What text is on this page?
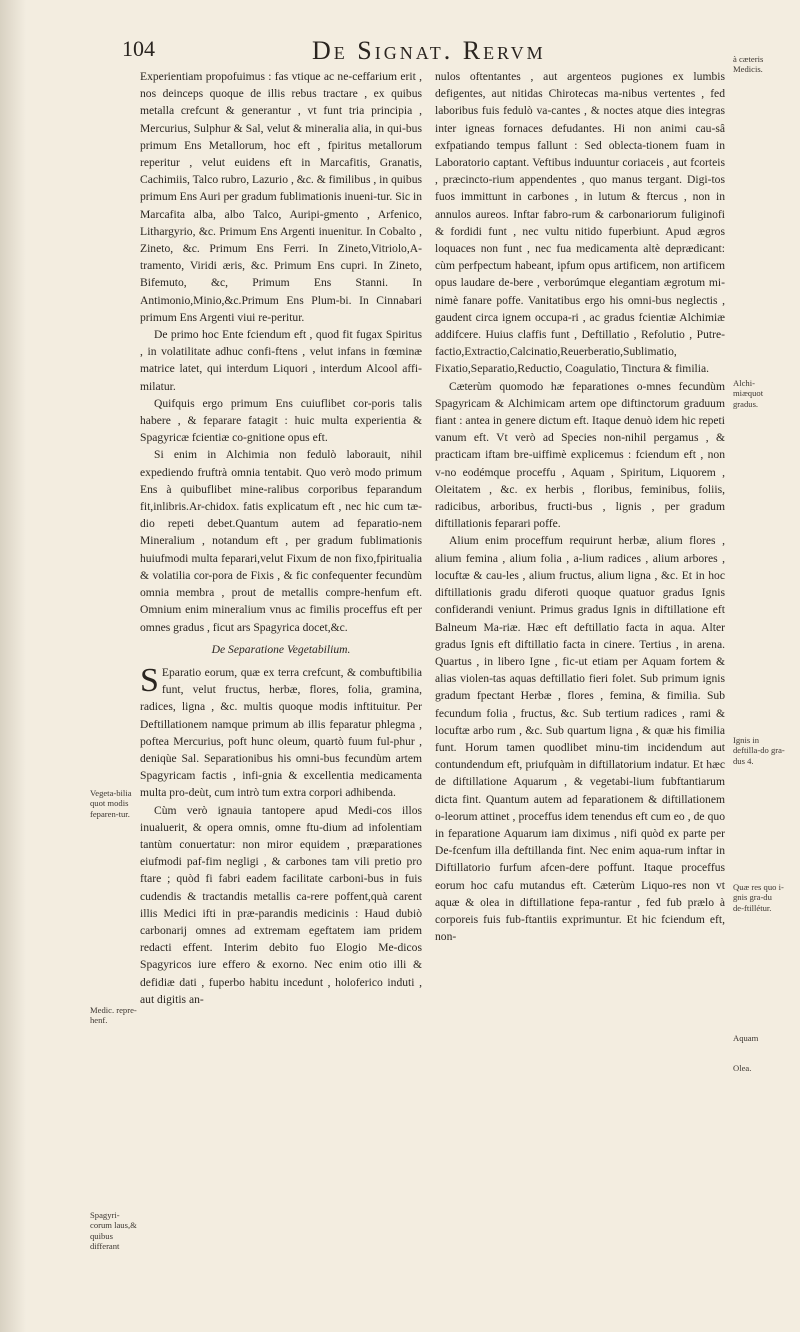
104	De Signat. Rervm

Experientiam propofuimus : fas vtique ac ne-ceffarium erit , nos deinceps quoque de illis rebus tractare , ex quibus metalla crefcunt & generantur , vt funt tria principia , Mercurius, Sulphur & Sal, velut & mineralia alia, in qui-bus primum Ens Metallorum, hoc eft , fpiritus metallorum reperitur , velut euidens eft in Marcafitis, Granatis, Cachimiis, Talco rubro, Lazurio , &c. & fimilibus , in quibus primum Ens Auri per gradum fublimationis inueni-tur. Sic in Marcafita alba, albo Talco, Auripi-gmento , Arfenico, Lithargyrio, &c. Primum Ens Argenti inuenitur. In Cobalto , Zineto, &c. Primum Ens Ferri. In Zineto,Vitriolo,A-tramento, Viridi æris, &c. Primum Ens cupri. In Zineto, Bifemuto, &c, Primum Ens Stanni. In Antimonio,Minio,&c.Primum Ens Plum-bi. In Cinnabari primum Ens Argenti viui re-peritur.

De primo hoc Ente fciendum eft , quod fit fugax Spiritus , in volatilitate adhuc confi-ftens , velut infans in fœminæ matrice latet, qui interdum Liquori , interdum Alcool affi-milatur.

Quifquis ergo primum Ens cuiuflibet cor-poris talis habere , & feparare fatagit : huic multa experientia & Spagyricæ fcientiæ co-gnitione opus eft.

Si enim in Alchimia non fedulò laborauit, nihil expediendo fruftrà omnia tentabit. Quo verò modo primum Ens à quibuflibet mine-ralibus corporibus feparandum fit,inlibris.Ar-chidox. fatis explicatum eft , nec hic cum tæ-dio repeti debet.Quantum autem ad feparatio-nem Mineralium , notandum eft , per gradum fublimationis huiufmodi multa feparari,velut Fixum de non fixo,fpiritualia & volatilia cor-pora de Fixis , & fic confequenter fecundùm omnia membra , prout de metallis compre-henfum eft. Omnium enim mineralium vnus ac fimilis proceffus eft per omnes gradus , ficut ars Spagyrica docet,&c.

De Separatione Vegetabilium.

S Eparatio eorum, quæ ex terra crefcunt, & combuftibilia funt, velut fructus, herbæ, flores, folia, gramina, radices, ligna , &c. multis quoque modis inftituitur. Per Deftillationem namque primum ab illis feparatur phlegma , poftea Mercurius, poft hunc oleum, quartò fuum ful-phur , deniqùe Sal. Separationibus his omni-bus fecundùm artem Spagyricam factis , infi-gnia & excellentia medicamenta multa pro-deùt, cum intrò tum extra corpori adhibenda.

Cùm verò ignauia tantopere apud Medi-cos illos inualuerit, & opera omnis, omne ftu-dium ad infolentiam tantùm conuertatur: non miror equidem , præparationes eiufmodi paf-fim negligi , & carbones tam vili pretio pro ftare ; quòd fi fabri eadem facilitate carboni-bus in fuis cudendis & tractandis metallis ca-rere poffent,quà carent illis Medici ifti in præ-parandis medicinis : Haud dubiò carbonarij omnes ad extremam egeftatem iam pridem redacti effent. Interim debito fuo Elogio Me-dicos Spagyricos iure effero & exorno. Nec enim otio illi & defidiæ dati , fuperbo habitu incedunt , holoferico induti , aut digitis an-

nulos oftentantes , aut argenteos pugiones ex lumbis defigentes, aut nitidas Chirotecas ma-nibus vertentes , fed laboribus fuis fedulò va-cantes , & noctes atque dies integras inter igneas fornaces defudantes. Hi non animi cau-sâ exfpatiando tempus fallunt : Sed oblecta-tionem fuam in Laboratorio captant. Veftibus induuntur coriaceis , aut fcorteis , præcincto-rium appendentes , quo manus tergant. Digi-tos fuos immittunt in carbones , in lutum & ftercus , non in annulos aureos. Inftar fabro-rum & carbonariorum fuliginofi & fordidi funt , nec vultu nitido fuperbiunt. Apud ægros loquaces non funt , nec fua medicamenta altè deprædicant: cùm perfpectum habeant, ipfum opus artificem, non artificem opus laudare de-bere , verborúmque elegantiam ægrotum mi-nimè fanare poffe. Vanitatibus ergo his omni-bus neglectis , gaudent circa ignem occupa-ri , ac gradus fcientiæ Alchimiæ addifcere. Huius claffis funt , Deftillatio , Refolutio , Putre-factio,Extractio,Calcinatio,Reuerberatio,Sublimatio, Fixatio,Separatio,Reductio, Coagulatio, Tinctura & fimilia.

Cæterùm quomodo hæ feparationes o-mnes fecundùm Spagyricam & Alchimicam artem ope diftinctorum graduum fiant : antea in genere dictum eft. Itaque denuò idem hic repeti vanum eft. Vt verò ad Species non-nihil pergamus , & practicam iftam bre-uiffimè explicemus : fciendum eft , non v-no eodémque proceffu , Aquam , Spiritum, Liquorem , Oleitatem , &c. ex herbis , floribus, feminibus, foliis, radicibus, arboribus, fructi-bus , lignis , per gradum diftillationis feparari poffe.

Alium enim proceffum requirunt herbæ, alium flores , alium femina , alium folia , a-lium radices , alium arbores , locuftæ & cau-les , alium fructus, alium ligna , &c. Et in hoc diftillationis gradu diferoti quoque quatuor gradus Ignis confiderandi veniunt. Primus gradus Ignis in diftillatione eft Balneum Ma-riæ. Hæc eft deftillatio facta in aqua. Alter gradus Ignis eft diftillatio facta in cinere. Tertius , in arena. Quartus , in libero Igne , fic-ut etiam per Aquam fortem & alias violen-tas aquas deftillatio fieri folet. Sub primum ignis gradum fpectant Herbæ , flores , femina, & fimilia. Sub fecundum folia , fructus, &c. Sub tertium radices , rami & locuftæ arbo rum , &c. Sub quartum ligna , & quæ his fimilia funt. Horum tamen quodlibet minu-tim incidendum aut contundendum eft, priufquàm in diftillatorium indatur. Et hæc de diftillatione Aquarum , & vegetabi-lium fubftantiarum dicta fint. Quantum autem ad feparationem & diftillationem o-leorum attinet , proceffus idem tenendus eft cum eo , de quo in feparatione Aquarum iam diximus , nifi quòd ex parte per De-fcenfum illa deftillanda fint. Nec enim aqua-rum inftar in Diftillatorio furfum afcen-dere poffunt. Itaque proceffus eorum hoc cafu mutandus eft. Cæterùm Liquo-res non vt aquæ & olea in diftillatione fepa-rantur , fed fub prælo à corporeis fuis fub-ftantiis exprimuntur. Et hic fciendum eft, non-

Vegeta-bilia quot modis feparen-tur.
Medic. repre-henf.
Spagyri-corum laus,& quibus differant
à cæteris Medicis.
Alchi-miæquot gradus.
Ignis in deftilla-do gra-dus 4.
Quæ res quo i-gnis gra-du de-ftillétur.
Aquam
Olea.
